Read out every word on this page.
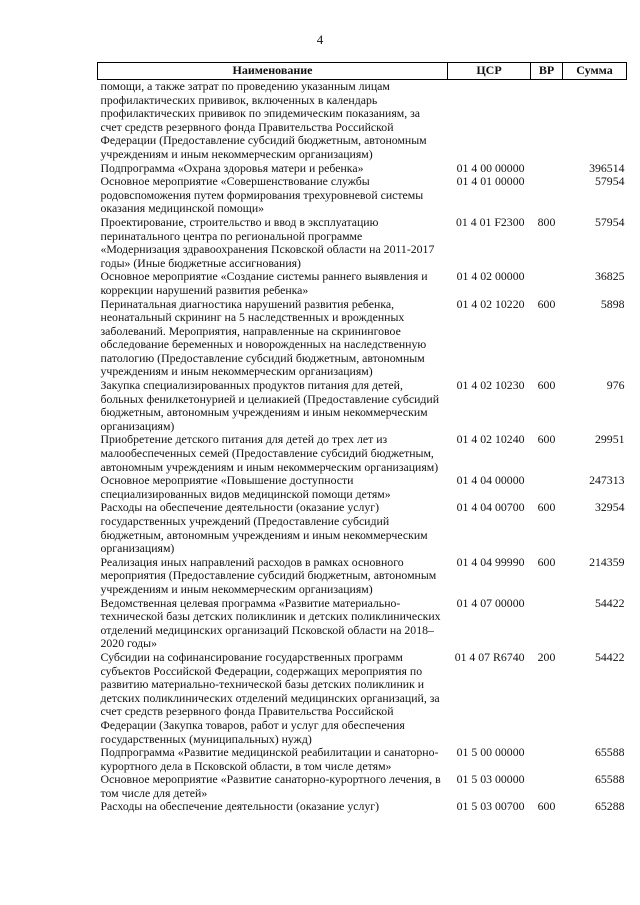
4
Наименование	ЦСР	ВР	Сумма
помощи, а также затрат по проведению указанным лицам профилактических прививок, включенных в календарь профилактических прививок по эпидемическим показаниям, за счет средств резервного фонда Правительства Российской Федерации (Предоставление субсидий бюджетным, автономным учреждениям и иным некоммерческим организациям)			
Подпрограмма «Охрана здоровья матери и ребенка»	01 4 00 00000		396514
Основное мероприятие «Совершенствование службы родовспоможения путем формирования трехуровневой системы оказания медицинской помощи»	01 4 01 00000		57954
Проектирование, строительство и ввод в эксплуатацию перинатального центра по региональной программе «Модернизация здравоохранения Псковской области на 2011-2017 годы» (Иные бюджетные ассигнования)	01 4 01 F2300	800	57954
Основное мероприятие «Создание системы раннего выявления и коррекции нарушений развития ребенка»	01 4 02 00000		36825
Перинатальная диагностика нарушений развития ребенка, неонатальный скрининг на 5 наследственных и врожденных заболеваний. Мероприятия, направленные на скрининговое обследование беременных и новорожденных на наследственную патологию (Предоставление субсидий бюджетным, автономным учреждениям и иным некоммерческим организациям)	01 4 02 10220	600	5898
Закупка специализированных продуктов питания для детей, больных фенилкетонурией и целиакией (Предоставление субсидий бюджетным, автономным учреждениям и иным некоммерческим организациям)	01 4 02 10230	600	976
Приобретение детского питания для детей до трех лет из малообеспеченных семей (Предоставление субсидий бюджетным, автономным учреждениям и иным некоммерческим организациям)	01 4 02 10240	600	29951
Основное мероприятие «Повышение доступности специализированных видов медицинской помощи детям»	01 4 04 00000		247313
Расходы на обеспечение деятельности (оказание услуг) государственных учреждений (Предоставление субсидий бюджетным, автономным учреждениям и иным некоммерческим организациям)	01 4 04 00700	600	32954
Реализация иных направлений расходов в рамках основного мероприятия (Предоставление субсидий бюджетным, автономным учреждениям и иным некоммерческим организациям)	01 4 04 99990	600	214359
Ведомственная целевая программа «Развитие материально-технической базы детских поликлиник и детских поликлинических отделений медицинских организаций Псковской области на 2018–2020 годы»	01 4 07 00000		54422
Субсидии на софинансирование государственных программ субъектов Российской Федерации, содержащих мероприятия по развитию материально-технической базы детских поликлиник и детских поликлинических отделений медицинских организаций, за счет средств резервного фонда Правительства Российской Федерации (Закупка товаров, работ и услуг для обеспечения государственных (муниципальных) нужд)	01 4 07 R6740	200	54422
Подпрограмма «Развитие медицинской реабилитации и санаторно-курортного дела в Псковской области, в том числе детям»	01 5 00 00000		65588
Основное мероприятие «Развитие санаторно-курортного лечения, в том числе для детей»	01 5 03 00000		65588
Расходы на обеспечение деятельности (оказание услуг)	01 5 03 00700	600	65288
